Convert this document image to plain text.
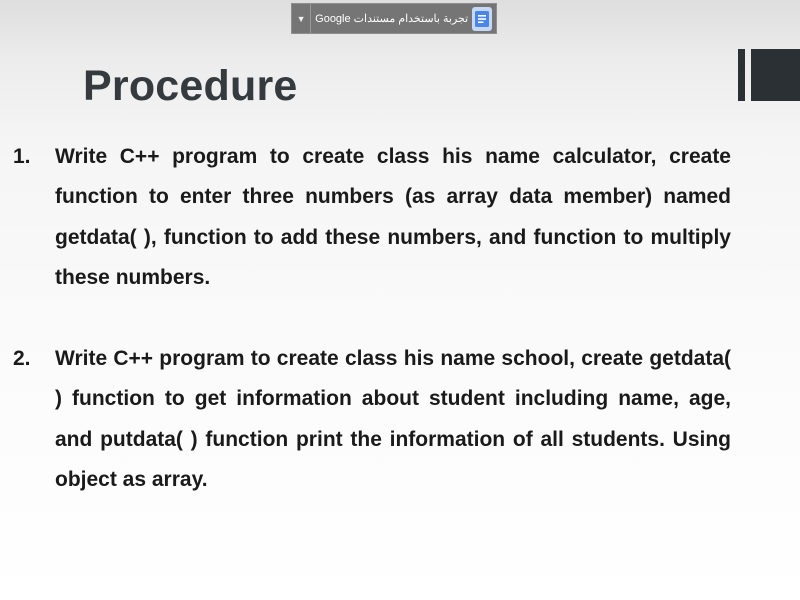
▼ تجربة باستخدام مستندات Google
Procedure
1.	Write C++ program to create class his name calculator, create function to enter three numbers (as array data member) named getdata( ), function to add these numbers, and function to multiply these numbers.
2.	Write C++ program to create class his name school, create getdata( ) function to get information about student including name, age, and putdata( ) function print the information of all students. Using object as array.
